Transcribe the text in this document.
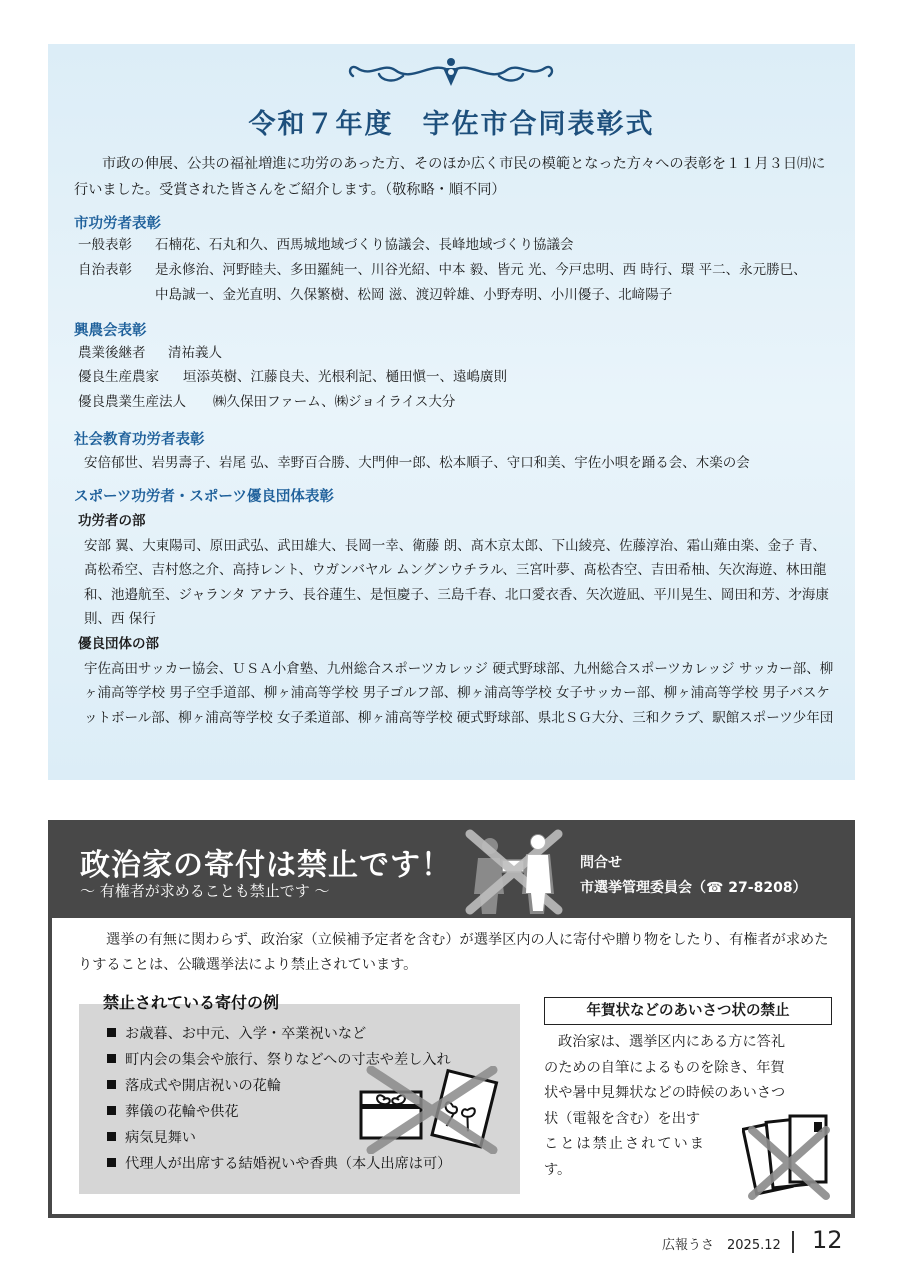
令和７年度　宇佐市合同表彰式
市政の伸展、公共の福祉増進に功労のあった方、そのほか広く市民の模範となった方々への表彰を１１月３日㈪に行いました。受賞された皆さんをご紹介します。（敬称略・順不同）
市功労者表彰
一般表彰 石楠花、石丸和久、西馬城地域づくり協議会、長峰地域づくり協議会
自治表彰 是永修治、河野睦夫、多田羅純一、川谷光紹、中本 毅、皆元 光、今戸忠明、西 時行、環 平二、永元勝巳、
中島誠一、金光直明、久保繁樹、松岡 滋、渡辺幹雄、小野寿明、小川優子、北﨑陽子
興農会表彰
農業後継者 清祐義人
優良生産農家 垣添英樹、江藤良夫、光根利記、樋田愼一、遠嶋廣則
優良農業生産法人 ㈱久保田ファーム、㈱ジョイライス大分
社会教育功労者表彰
安倍郁世、岩男壽子、岩尾 弘、幸野百合勝、大門伸一郎、松本順子、守口和美、宇佐小唄を踊る会、木楽の会
スポーツ功労者・スポーツ優良団体表彰
功労者の部
安部 翼、大東陽司、原田武弘、武田雄大、長岡一幸、衛藤 朗、髙木京太郎、下山綾亮、佐藤淳治、霜山薙由楽、金子 青、髙松希空、吉村悠之介、高持レント、ウガンバヤル ムングンウチラル、三宮叶夢、髙松杏空、吉田希柚、矢次海遊、林田龍和、池邉航至、ジャランタ アナラ、長谷蓮生、是恒慶子、三島千春、北口愛衣香、矢次遊凪、平川晃生、岡田和芳、㐧海康則、西 保行
優良団体の部
宇佐高田サッカー協会、ＵＳＡ小倉塾、九州総合スポーツカレッジ 硬式野球部、九州総合スポーツカレッジ サッカー部、柳ヶ浦高等学校 男子空手道部、柳ヶ浦高等学校 男子ゴルフ部、柳ヶ浦高等学校 女子サッカー部、柳ヶ浦高等学校 男子バスケットボール部、柳ヶ浦高等学校 女子柔道部、柳ヶ浦高等学校 硬式野球部、県北ＳＧ大分、三和クラブ、駅館スポーツ少年団
政治家の寄付は禁止です！
～ 有権者が求めることも禁止です ～
問合せ
市選挙管理委員会（☎ 27-8208）
選挙の有無に関わらず、政治家（立候補予定者を含む）が選挙区内の人に寄付や贈り物をしたり、有権者が求めたりすることは、公職選挙法により禁止されています。
禁止されている寄付の例
お歳暮、お中元、入学・卒業祝いなど
町内会の集会や旅行、祭りなどへの寸志や差し入れ
落成式や開店祝いの花輪
葬儀の花輪や供花
病気見舞い
代理人が出席する結婚祝いや香典（本人出席は可）
年賀状などのあいさつ状の禁止
政治家は、選挙区内にある方に答礼
のための自筆によるものを除き、年賀
状や暑中見舞状などの時候のあいさつ
状（電報を含む）を出す
ことは禁止されていま
す。
広報うさ　2025.12 12
